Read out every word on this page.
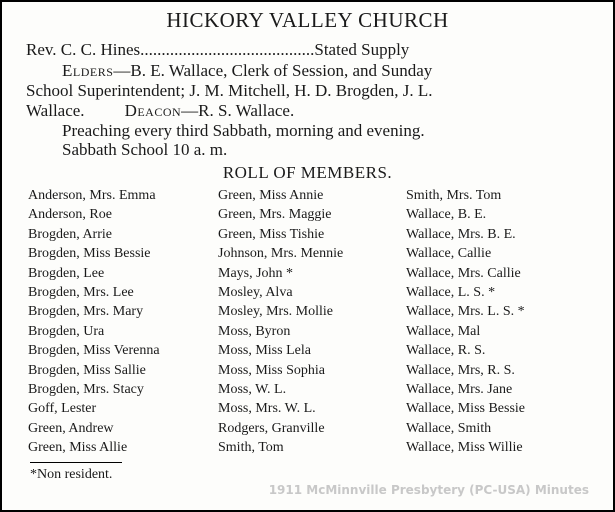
HICKORY VALLEY CHURCH
Rev. C. C. Hines.........................................Stated Supply
Elders—B. E. Wallace, Clerk of Session, and Sunday
School Superintendent; J. M. Mitchell, H. D. Brogden, J. L.
Wallace. Deacon—R. S. Wallace.
Preaching every third Sabbath, morning and evening.
Sabbath School 10 a. m.
ROLL OF MEMBERS.
Anderson, Mrs. Emma
Anderson, Roe
Brogden, Arrie
Brogden, Miss Bessie
Brogden, Lee
Brogden, Mrs. Lee
Brogden, Mrs. Mary
Brogden, Ura
Brogden, Miss Verenna
Brogden, Miss Sallie
Brogden, Mrs. Stacy
Goff, Lester
Green, Andrew
Green, Miss Allie
Green, Miss Annie
Green, Mrs. Maggie
Green, Miss Tishie
Johnson, Mrs. Mennie
Mays, John *
Mosley, Alva
Mosley, Mrs. Mollie
Moss, Byron
Moss, Miss Lela
Moss, Miss Sophia
Moss, W. L.
Moss, Mrs. W. L.
Rodgers, Granville
Smith, Tom
Smith, Mrs. Tom
Wallace, B. E.
Wallace, Mrs. B. E.
Wallace, Callie
Wallace, Mrs. Callie
Wallace, L. S. *
Wallace, Mrs. L. S. *
Wallace, Mal
Wallace, R. S.
Wallace, Mrs, R. S.
Wallace, Mrs. Jane
Wallace, Miss Bessie
Wallace, Smith
Wallace, Miss Willie
*Non resident.
1911 McMinnville Presbytery (PC-USA) Minutes
